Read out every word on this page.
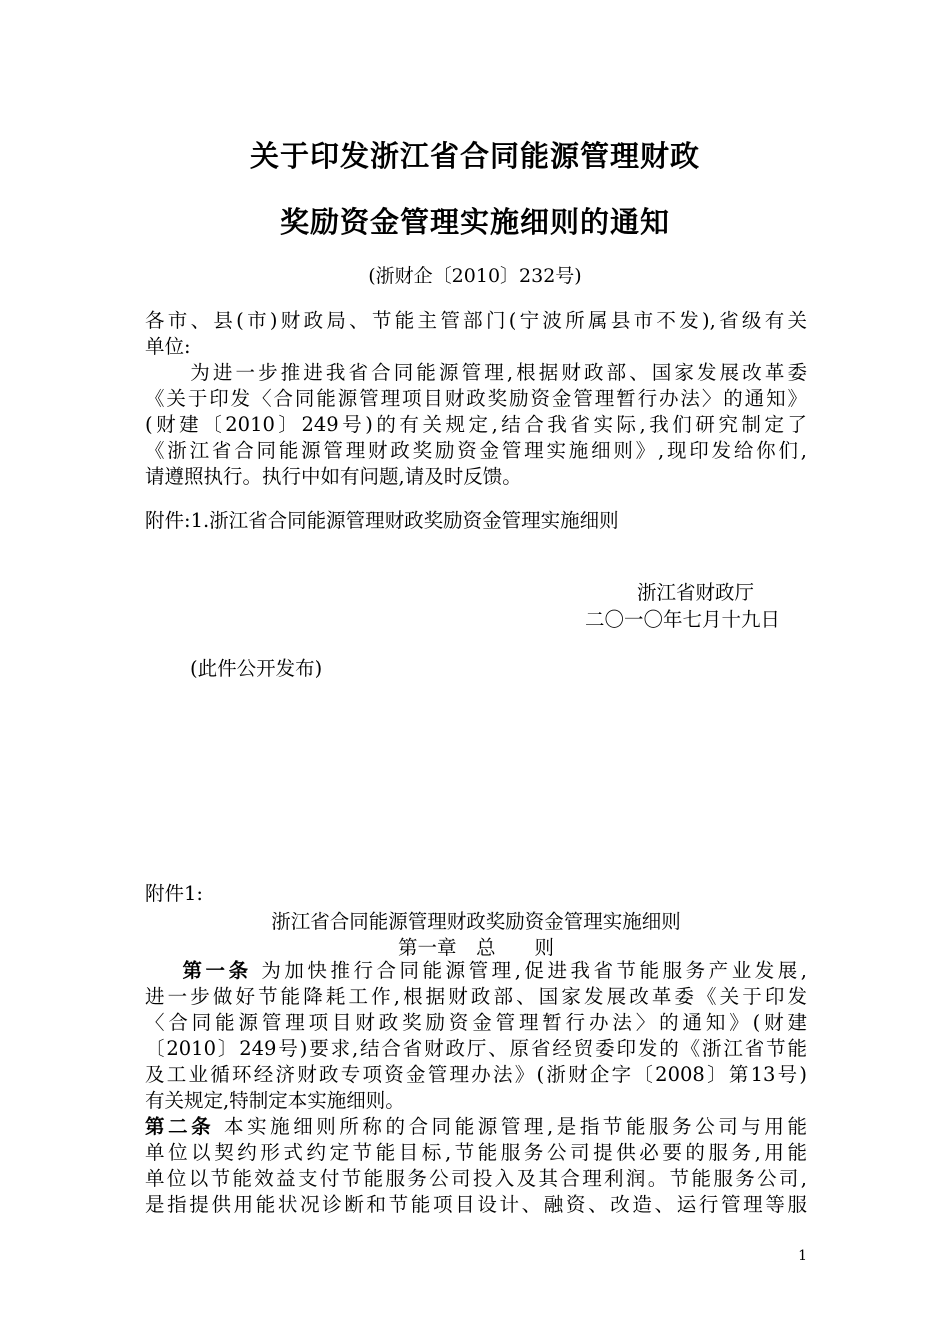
关于印发浙江省合同能源管理财政
奖励资金管理实施细则的通知
(浙财企〔2010〕232号)
各市、县(市)财政局、节能主管部门(宁波所属县市不发),省级有关
单位:
　　为进一步推进我省合同能源管理,根据财政部、国家发展改革委
《关于印发〈合同能源管理项目财政奖励资金管理暂行办法〉的通知》
(财建〔2010〕249号)的有关规定,结合我省实际,我们研究制定了
《浙江省合同能源管理财政奖励资金管理实施细则》,现印发给你们,
请遵照执行。执行中如有问题,请及时反馈。
附件:1.浙江省合同能源管理财政奖励资金管理实施细则
浙江省财政厅
二〇一〇年七月十九日
(此件公开发布)
附件1:
浙江省合同能源管理财政奖励资金管理实施细则
第一章　总　　则
第一条 为加快推行合同能源管理,促进我省节能服务产业发展,
进一步做好节能降耗工作,根据财政部、国家发展改革委《关于印发
〈合同能源管理项目财政奖励资金管理暂行办法〉的通知》(财建
〔2010〕249号)要求,结合省财政厅、原省经贸委印发的《浙江省节能
及工业循环经济财政专项资金管理办法》(浙财企字〔2008〕第13号)
有关规定,特制定本实施细则。
第二条 本实施细则所称的合同能源管理,是指节能服务公司与用能
单位以契约形式约定节能目标,节能服务公司提供必要的服务,用能
单位以节能效益支付节能服务公司投入及其合理利润。节能服务公司,
是指提供用能状况诊断和节能项目设计、融资、改造、运行管理等服
1
